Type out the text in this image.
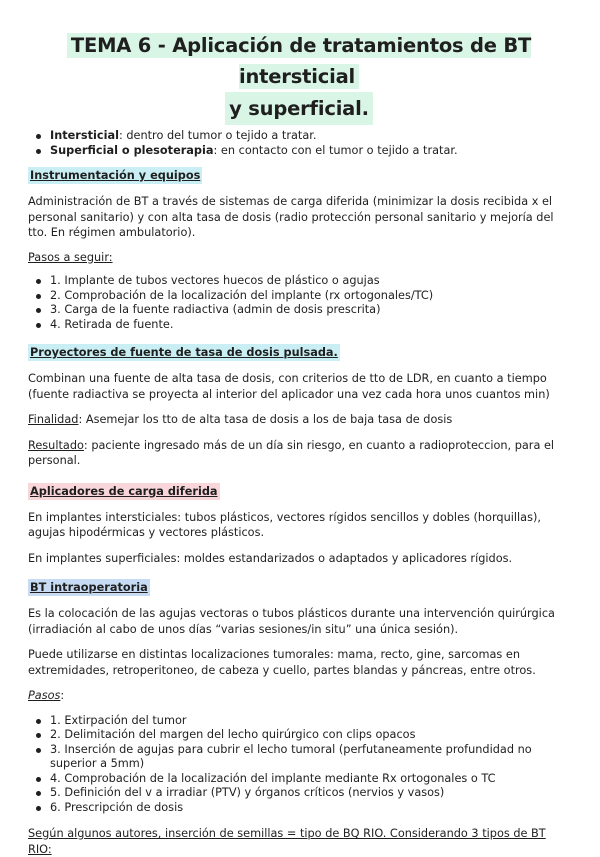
TEMA 6 - Aplicación de tratamientos de BT intersticial
y superficial.
Intersticial: dentro del tumor o tejido a tratar.
Superficial o plesoterapia: en contacto con el tumor o tejido a tratar.
Instrumentación y equipos

Administración de BT a través de sistemas de carga diferida (minimizar la dosis recibida x el personal sanitario) y con alta tasa de dosis (radio protección personal sanitario y mejoría del tto. En régimen ambulatorio).

Pasos a seguir:

1. Implante de tubos vectores huecos de plástico o agujas
2. Comprobación de la localización del implante (rx ortogonales/TC)
3. Carga de la fuente radiactiva (admin de dosis prescrita)
4. Retirada de fuente.
Proyectores de fuente de tasa de dosis pulsada.

Combinan una fuente de alta tasa de dosis, con criterios de tto de LDR, en cuanto a tiempo (fuente radiactiva se proyecta al interior del aplicador una vez cada hora unos cuantos min)

Finalidad: Asemejar los tto de alta tasa de dosis a los de baja tasa de dosis

Resultado: paciente ingresado más de un día sin riesgo, en cuanto a radioproteccion, para el personal.

Aplicadores de carga diferida

En implantes intersticiales: tubos plásticos, vectores rígidos sencillos y dobles (horquillas), agujas hipodérmicas y vectores plásticos.

En implantes superficiales: moldes estandarizados o adaptados y aplicadores rígidos.

BT intraoperatoria

Es la colocación de las agujas vectoras o tubos plásticos durante una intervención quirúrgica (irradiación al cabo de unos días “varias sesiones/in situ” una única sesión).

Puede utilizarse en distintas localizaciones tumorales: mama, recto, gine, sarcomas en extremidades, retroperitoneo, de cabeza y cuello, partes blandas y páncreas, entre otros.

Pasos:

1. Extirpación del tumor
2. Delimitación del margen del lecho quirúrgico con clips opacos
3. Inserción de agujas para cubrir el lecho tumoral (perfutaneamente profundidad no superior a 5mm)
4. Comprobación de la localización del implante mediante Rx ortogonales o TC
5. Definición del v a irradiar (PTV) y órganos críticos (nervios y vasos)
6. Prescripción de dosis

Según algunos autores, inserción de semillas = tipo de BQ RIO. Considerando 3 tipos de BT RIO:
